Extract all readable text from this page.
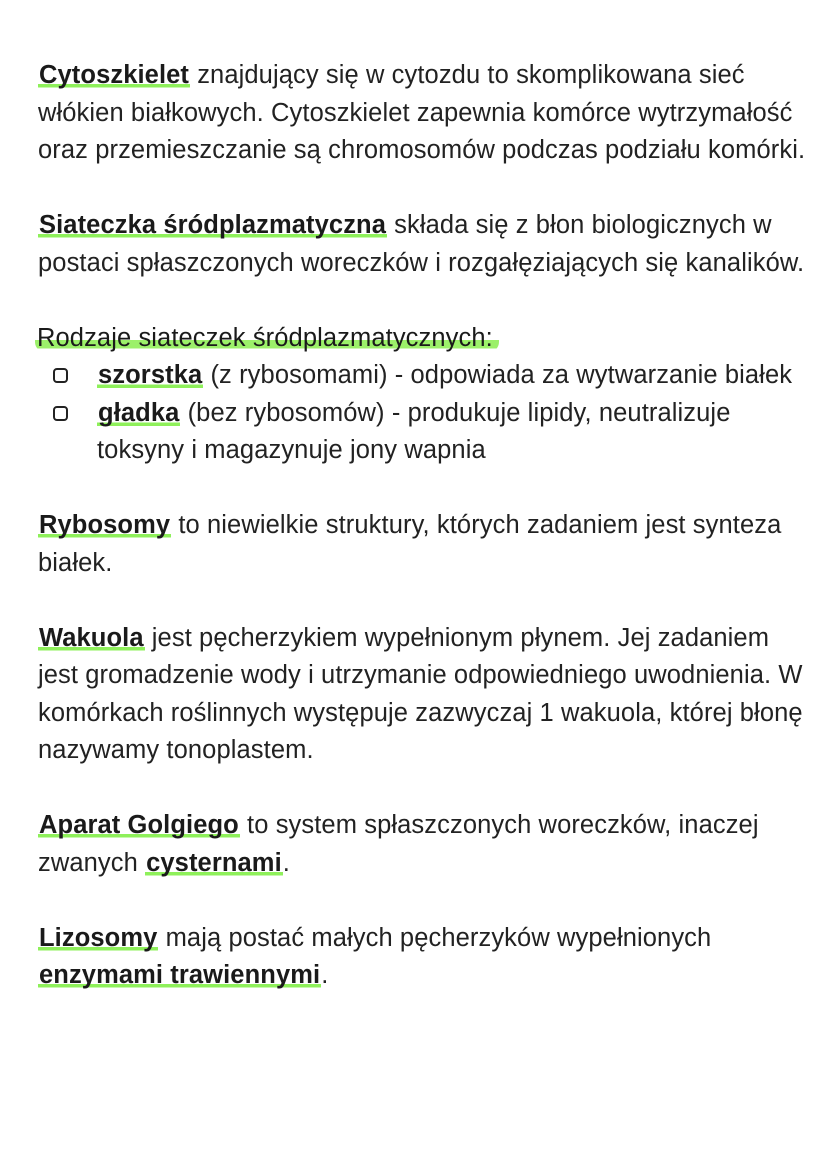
Cytoszkielet znajdujący się w cytozdu to skomplikowana sieć włókien białkowych. Cytoszkielet zapewnia komórce wytrzymałość oraz przemieszczanie są chromosomów podczas podziału komórki.

Siateczka śródplazmatyczna składa się z błon biologicznych w postaci spłaszczonych woreczków i rozgałęziających się kanalików.

Rodzaje siateczek śródplazmatycznych:

szorstka (z rybosomami) - odpowiada za wytwarzanie białek
gładka (bez rybosomów) - produkuje lipidy, neutralizuje toksyny i magazynuje jony wapnia

Rybosomy to niewielkie struktury, których zadaniem jest synteza białek.

Wakuola jest pęcherzykiem wypełnionym płynem. Jej zadaniem jest gromadzenie wody i utrzymanie odpowiedniego uwodnienia. W komórkach roślinnych występuje zazwyczaj 1 wakuola, której błonę nazywamy tonoplastem.

Aparat Golgiego to system spłaszczonych woreczków, inaczej zwanych cysternami.

Lizosomy mają postać małych pęcherzyków wypełnionych enzymami trawiennymi.
